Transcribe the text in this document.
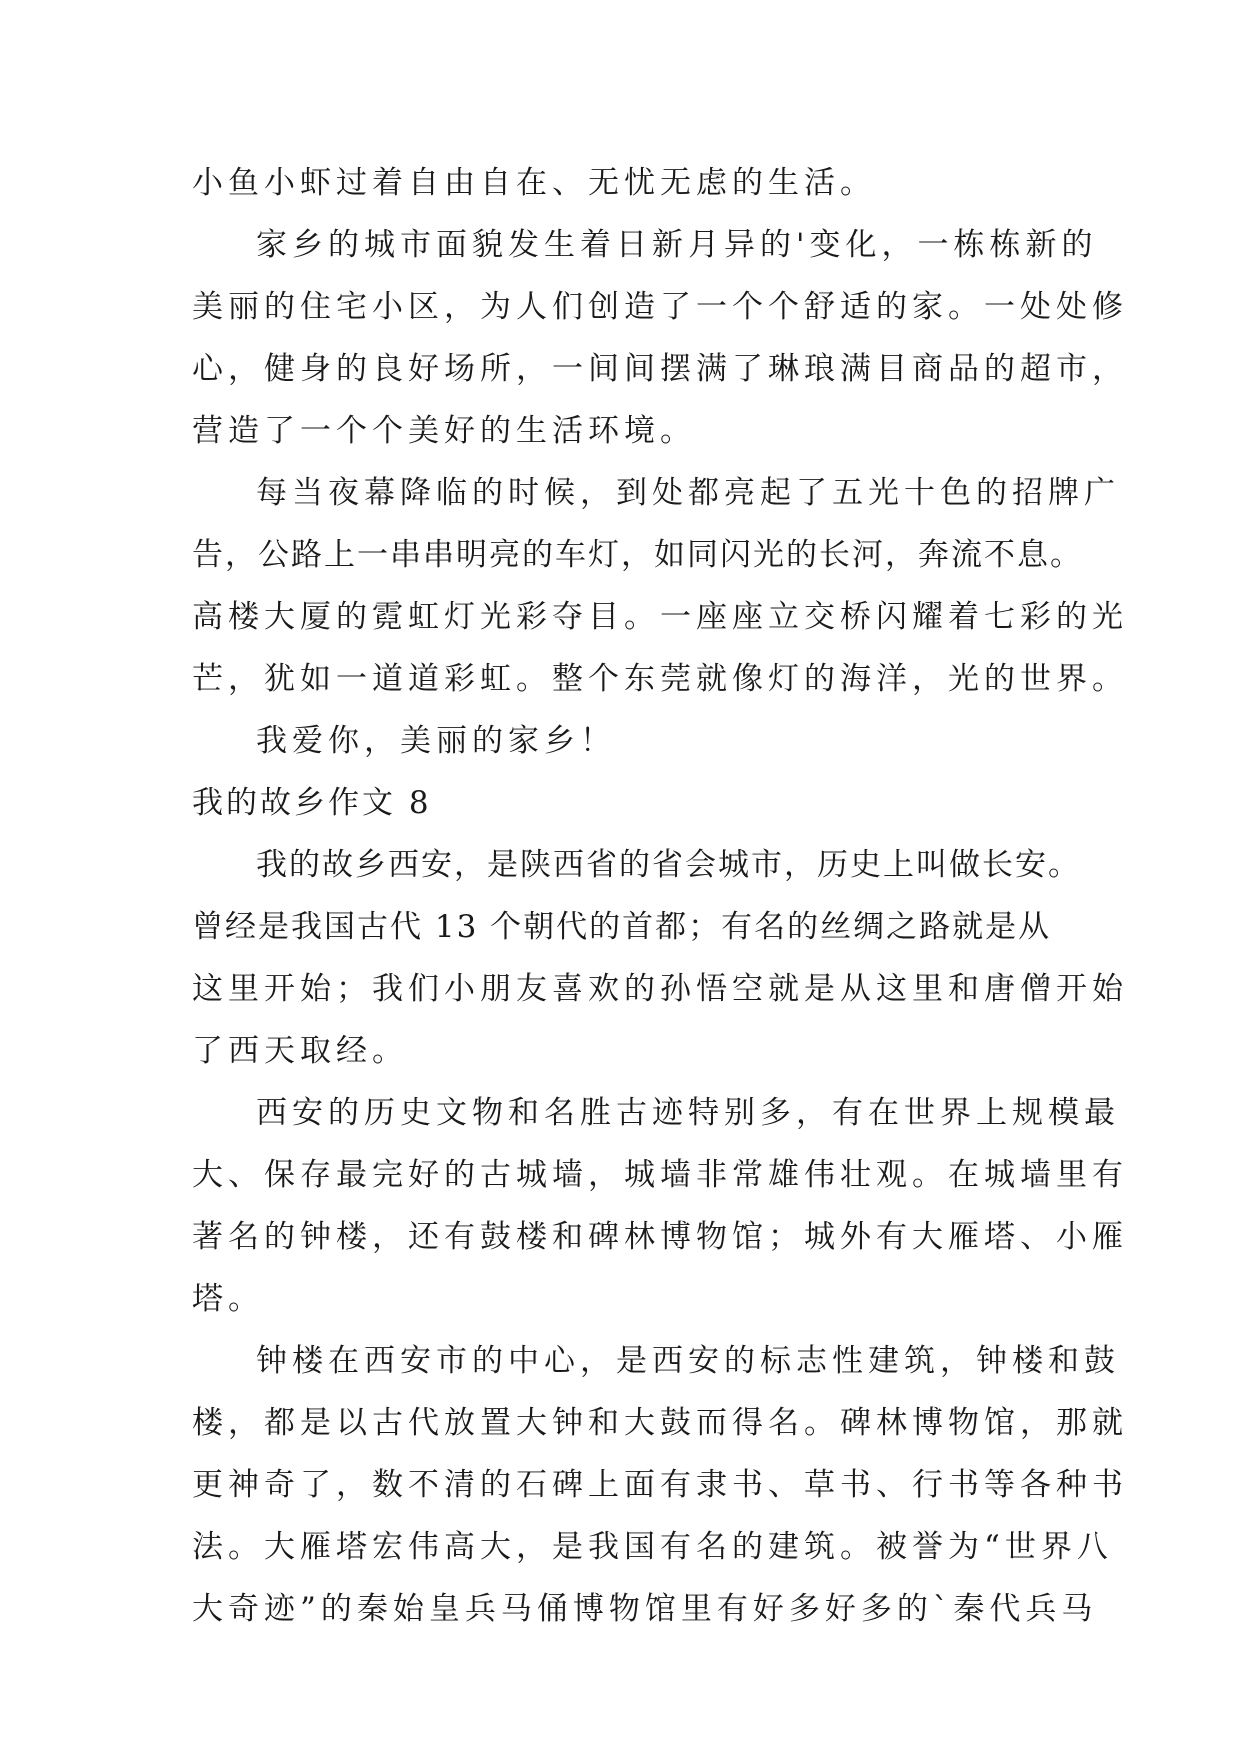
小鱼小虾过着自由自在、无忧无虑的生活。
家乡的城市面貌发生着日新月异的'变化，一栋栋新的
美丽的住宅小区，为人们创造了一个个舒适的家。一处处修
心，健身的良好场所，一间间摆满了琳琅满目商品的超市，
营造了一个个美好的生活环境。
每当夜幕降临的时候，到处都亮起了五光十色的招牌广
告，公路上一串串明亮的车灯，如同闪光的长河，奔流不息。
高楼大厦的霓虹灯光彩夺目。一座座立交桥闪耀着七彩的光
芒，犹如一道道彩虹。整个东莞就像灯的海洋，光的世界。
我爱你，美丽的家乡！
我的故乡作文 8
我的故乡西安，是陕西省的省会城市，历史上叫做长安。
曾经是我国古代 13 个朝代的首都；有名的丝绸之路就是从
这里开始；我们小朋友喜欢的孙悟空就是从这里和唐僧开始
了西天取经。
西安的历史文物和名胜古迹特别多，有在世界上规模最
大、保存最完好的古城墙，城墙非常雄伟壮观。在城墙里有
著名的钟楼，还有鼓楼和碑林博物馆；城外有大雁塔、小雁
塔。
钟楼在西安市的中心，是西安的标志性建筑，钟楼和鼓
楼，都是以古代放置大钟和大鼓而得名。碑林博物馆，那就
更神奇了，数不清的石碑上面有隶书、草书、行书等各种书
法。大雁塔宏伟高大，是我国有名的建筑。被誉为“世界八
大奇迹”的秦始皇兵马俑博物馆里有好多好多的`秦代兵马
